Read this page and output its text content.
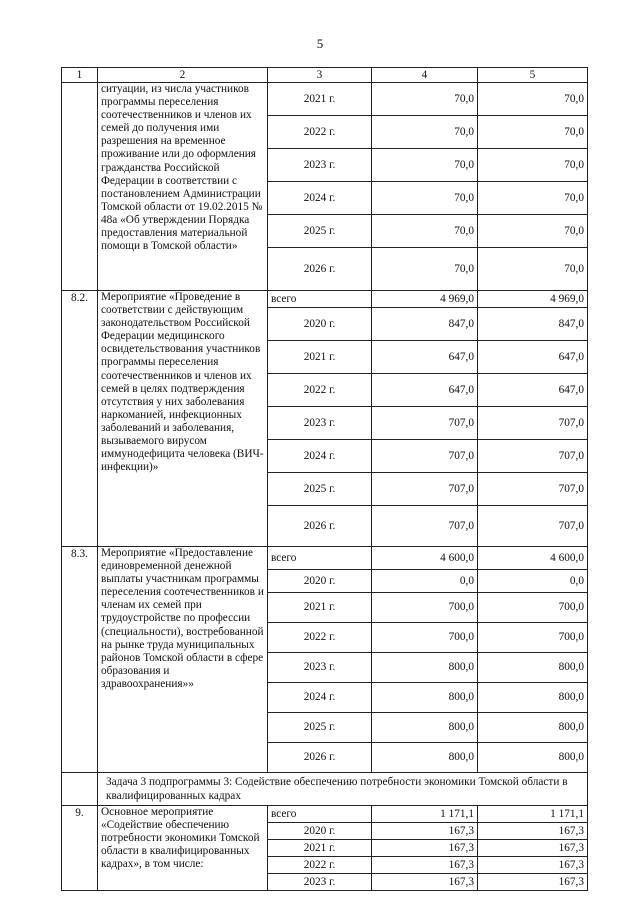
5
1	2	3	4	5
	ситуации, из числа участников программы переселения соотечественников и членов их семей до получения ими разрешения на временное проживание или до оформления гражданства Российской Федерации в соответствии с постановлением Администрации Томской области от 19.02.2015 № 48а «Об утверждении Порядка предоставления материальной помощи в Томской области»	2021 г.	70,0	70,0
		2022 г.	70,0	70,0
		2023 г.	70,0	70,0
		2024 г.	70,0	70,0
		2025 г.	70,0	70,0
		2026 г.	70,0	70,0
8.2.	Мероприятие «Проведение в соответствии с действующим законодательством Российской Федерации медицинского освидетельствования участников программы переселения соотечественников и членов их семей в целях подтверждения отсутствия у них заболевания наркоманией, инфекционных заболеваний и заболевания, вызываемого вирусом иммунодефицита человека (ВИЧ-инфекции)»	всего	4 969,0	4 969,0
		2020 г.	847,0	847,0
		2021 г.	647,0	647,0
		2022 г.	647,0	647,0
		2023 г.	707,0	707,0
		2024 г.	707,0	707,0
		2025 г.	707,0	707,0
		2026 г.	707,0	707,0
8.3.	Мероприятие «Предоставление единовременной денежной выплаты участникам программы переселения соотечественников и членам их семей при трудоустройстве по профессии (специальности), востребованной на рынке труда муниципальных районов Томской области в сфере образования и здравоохранения»»	всего	4 600,0	4 600,0
		2020 г.	0,0	0,0
		2021 г.	700,0	700,0
		2022 г.	700,0	700,0
		2023 г.	800,0	800,0
		2024 г.	800,0	800,0
		2025 г.	800,0	800,0
		2026 г.	800,0	800,0
	Задача 3 подпрограммы 3: Содействие обеспечению потребности экономики Томской области в квалифицированных кадрах			
9.	Основное мероприятие «Содействие обеспечению потребности экономики Томской области в квалифицированных кадрах», в том числе:	всего	1 171,1	1 171,1
		2020 г.	167,3	167,3
		2021 г.	167,3	167,3
		2022 г.	167,3	167,3
		2023 г.	167,3	167,3
